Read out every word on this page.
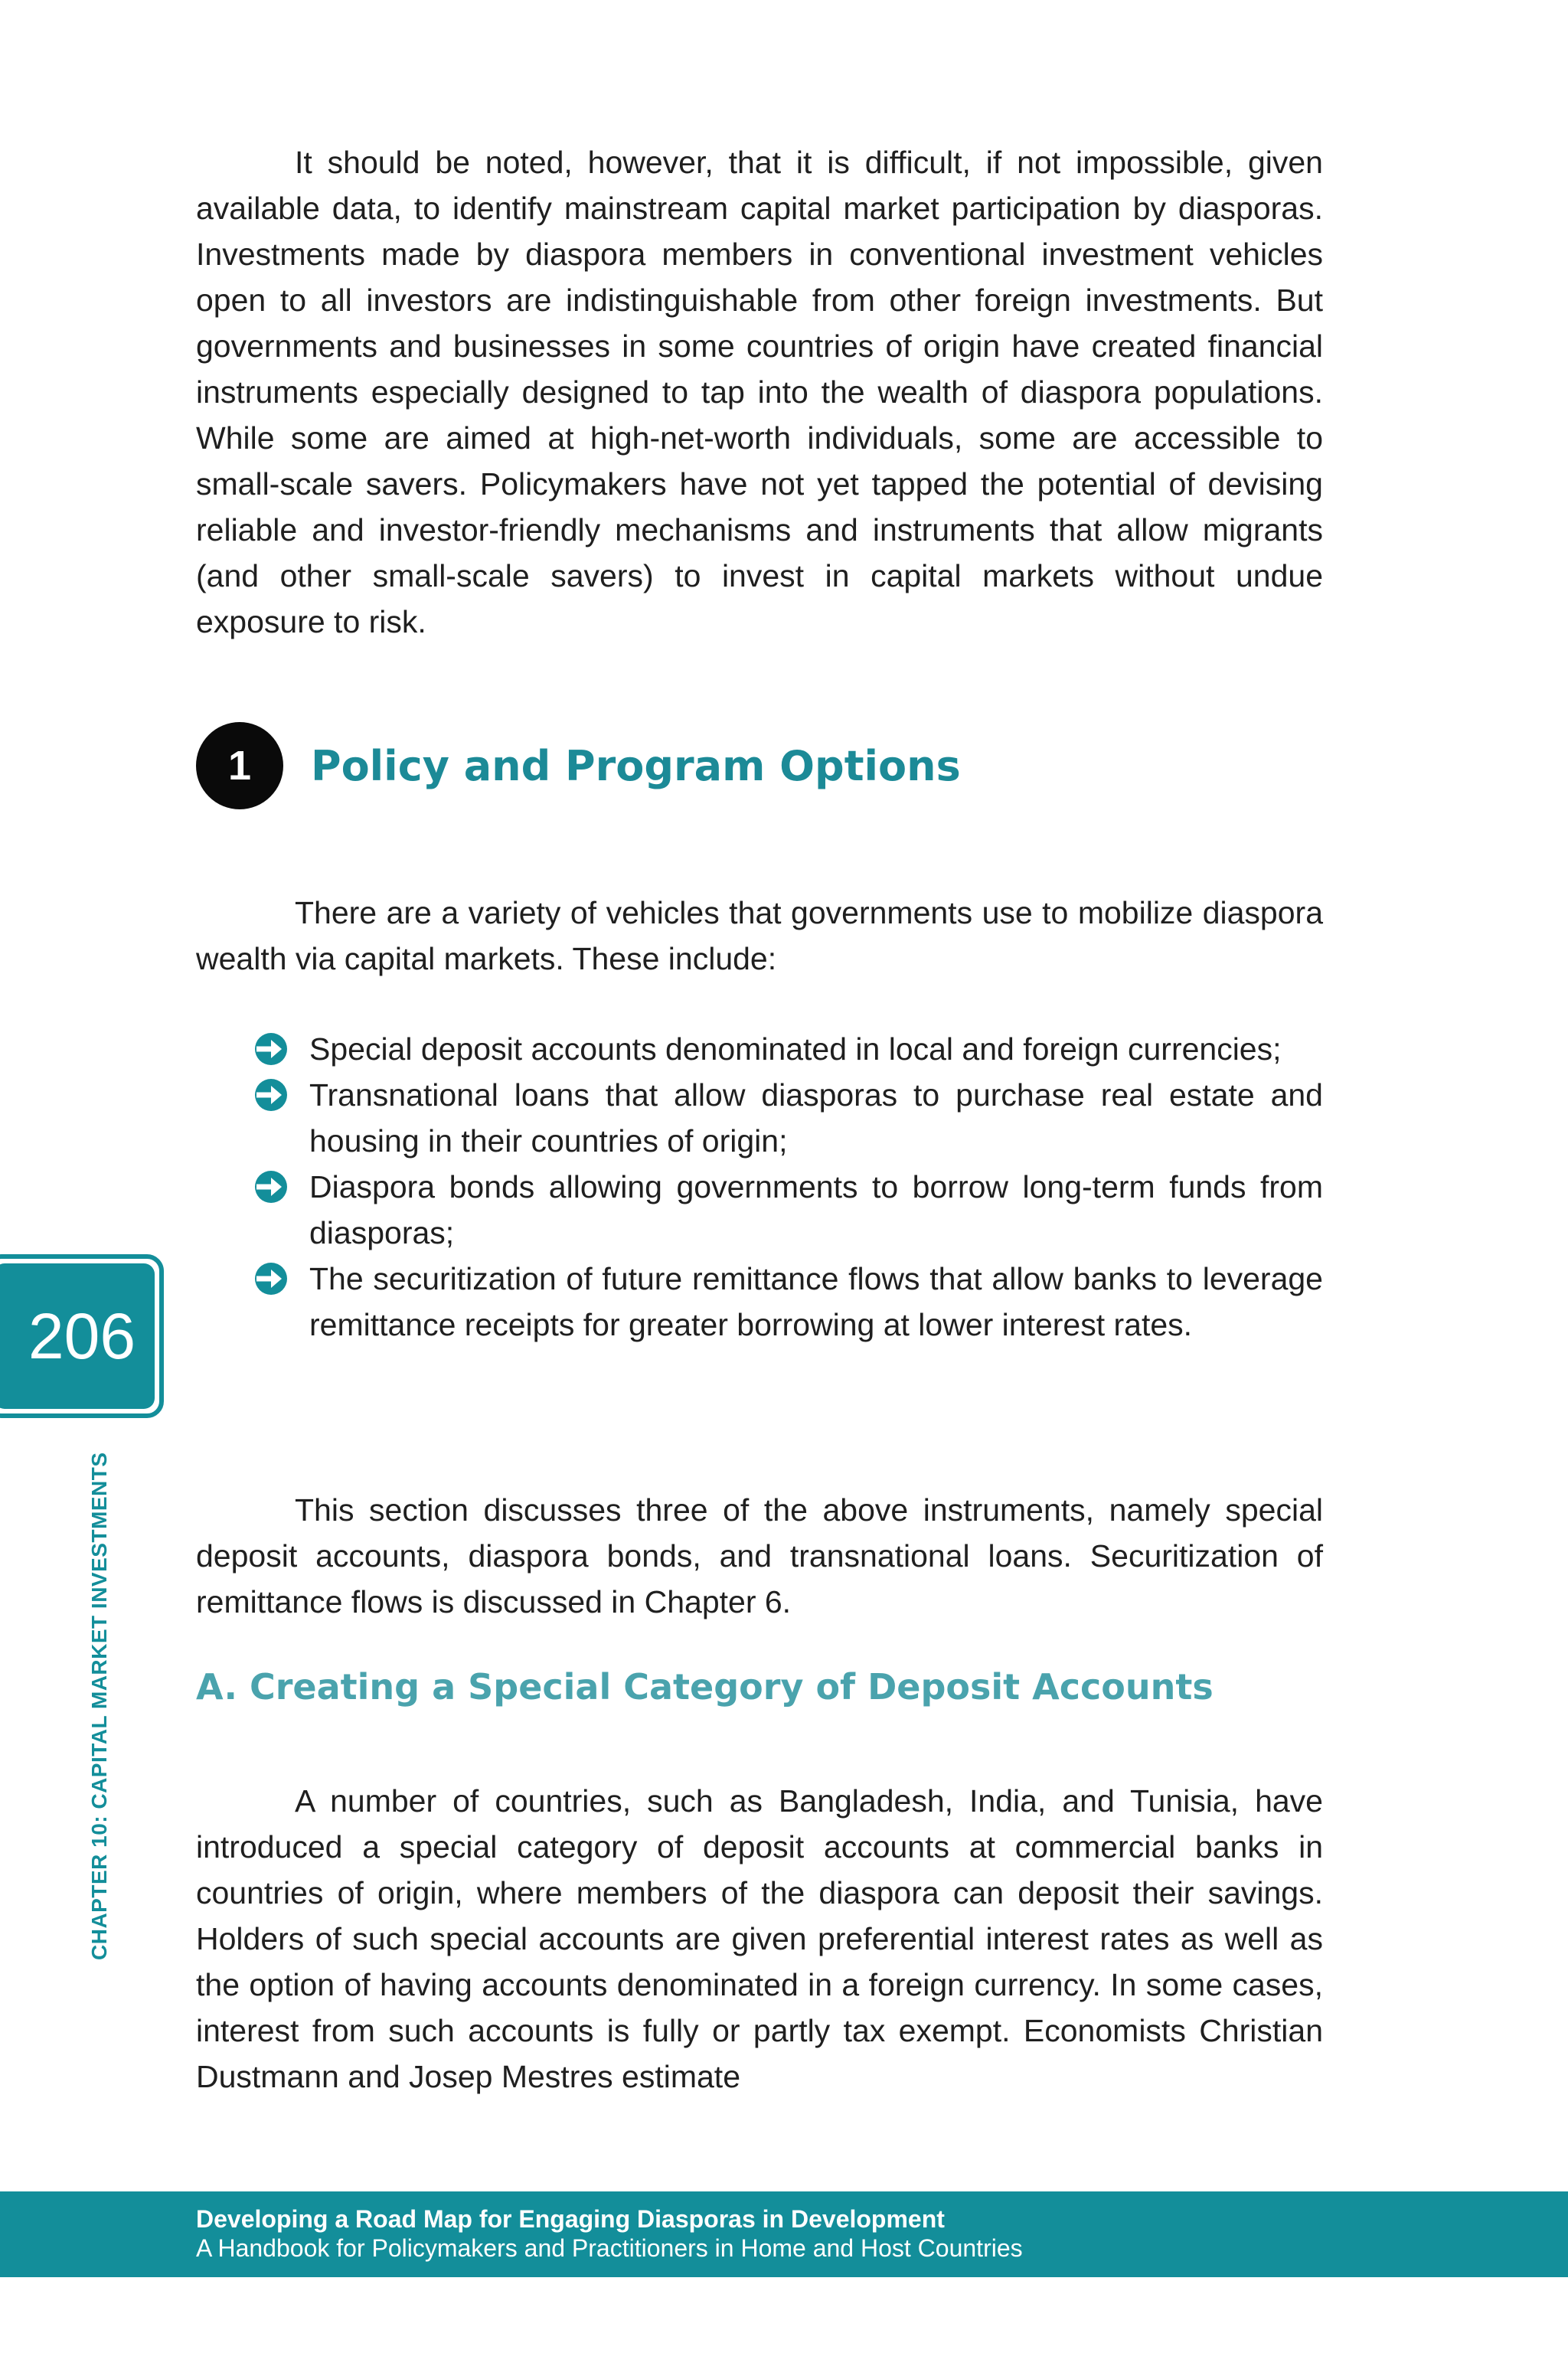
It should be noted, however, that it is difficult, if not impossible, given available data, to identify mainstream capital market participation by diasporas. Investments made by diaspora members in conventional investment vehicles open to all investors are indistinguishable from other foreign investments. But governments and businesses in some countries of origin have created financial instruments especially designed to tap into the wealth of diaspora populations. While some are aimed at high-net-worth individuals, some are accessible to small-scale savers. Policymakers have not yet tapped the potential of devising reliable and investor-friendly mechanisms and instruments that allow migrants (and other small-scale savers) to invest in capital markets without undue exposure to risk.

1	Policy and Program Options

There are a variety of vehicles that governments use to mobilize diaspora wealth via capital markets. These include:

Special deposit accounts denominated in local and foreign currencies;
Transnational loans that allow diasporas to purchase real estate and housing in their countries of origin;
Diaspora bonds allowing governments to borrow long-term funds from diasporas;
The securitization of future remittance flows that allow banks to leverage remittance receipts for greater borrowing at lower interest rates.

This section discusses three of the above instruments, namely special deposit accounts, diaspora bonds, and transnational loans. Securitization of remittance flows is discussed in Chapter 6.

A. Creating a Special Category of Deposit Accounts

A number of countries, such as Bangladesh, India, and Tunisia, have introduced a special category of deposit accounts at commercial banks in countries of origin, where members of the diaspora can deposit their savings. Holders of such special accounts are given preferential interest rates as well as the option of having accounts denominated in a foreign currency. In some cases, interest from such accounts is fully or partly tax exempt. Economists Christian Dustmann and Josep Mestres estimate

206
CHAPTER 10: CAPITAL MARKET INVESTMENTS
Developing a Road Map for Engaging Diasporas in Development
A Handbook for Policymakers and Practitioners in Home and Host Countries
